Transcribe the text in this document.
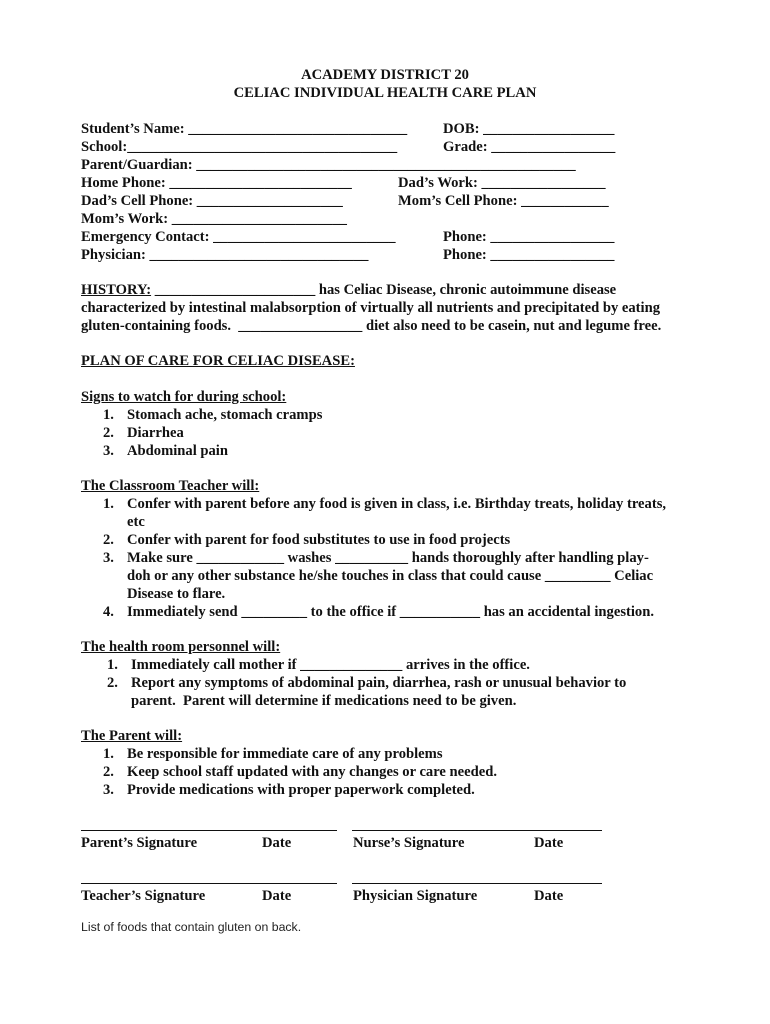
ACADEMY DISTRICT 20
CELIAC INDIVIDUAL HEALTH CARE PLAN
Student’s Name: ______________________________ DOB: __________________
School:_____________________________________	Grade: _________________
Parent/Guardian: ____________________________________________________
Home Phone: _________________________	Dad’s Work: _________________
Dad’s Cell Phone: ____________________	Mom’s Cell Phone: ____________
Mom’s Work: ________________________
Emergency Contact: _________________________	Phone: _________________
Physician: ______________________________	Phone: _________________
HISTORY: ______________________ has Celiac Disease, chronic autoimmune disease
characterized by intestinal malabsorption of virtually all nutrients and precipitated by eating
gluten-containing foods.  _________________ diet also need to be casein, nut and legume free.
PLAN OF CARE FOR CELIAC DISEASE:
Signs to watch for during school:
1. Stomach ache, stomach cramps
2. Diarrhea
3. Abdominal pain
The Classroom Teacher will:
1. Confer with parent before any food is given in class, i.e. Birthday treats, holiday treats,
etc
2. Confer with parent for food substitutes to use in food projects
3. Make sure ____________ washes __________ hands thoroughly after handling play-
doh or any other substance he/she touches in class that could cause _________ Celiac
Disease to flare.
4. Immediately send _________ to the office if ___________ has an accidental ingestion.
The health room personnel will:
1. Immediately call mother if ______________ arrives in the office.
2. Report any symptoms of abdominal pain, diarrhea, rash or unusual behavior to
parent.  Parent will determine if medications need to be given.
The Parent will:
1. Be responsible for immediate care of any problems
2. Keep school staff updated with any changes or care needed.
3. Provide medications with proper paperwork completed.
Parent’s Signature	Date	Nurse’s Signature	Date
Teacher’s Signature	Date	Physician Signature	Date
List of foods that contain gluten on back.
